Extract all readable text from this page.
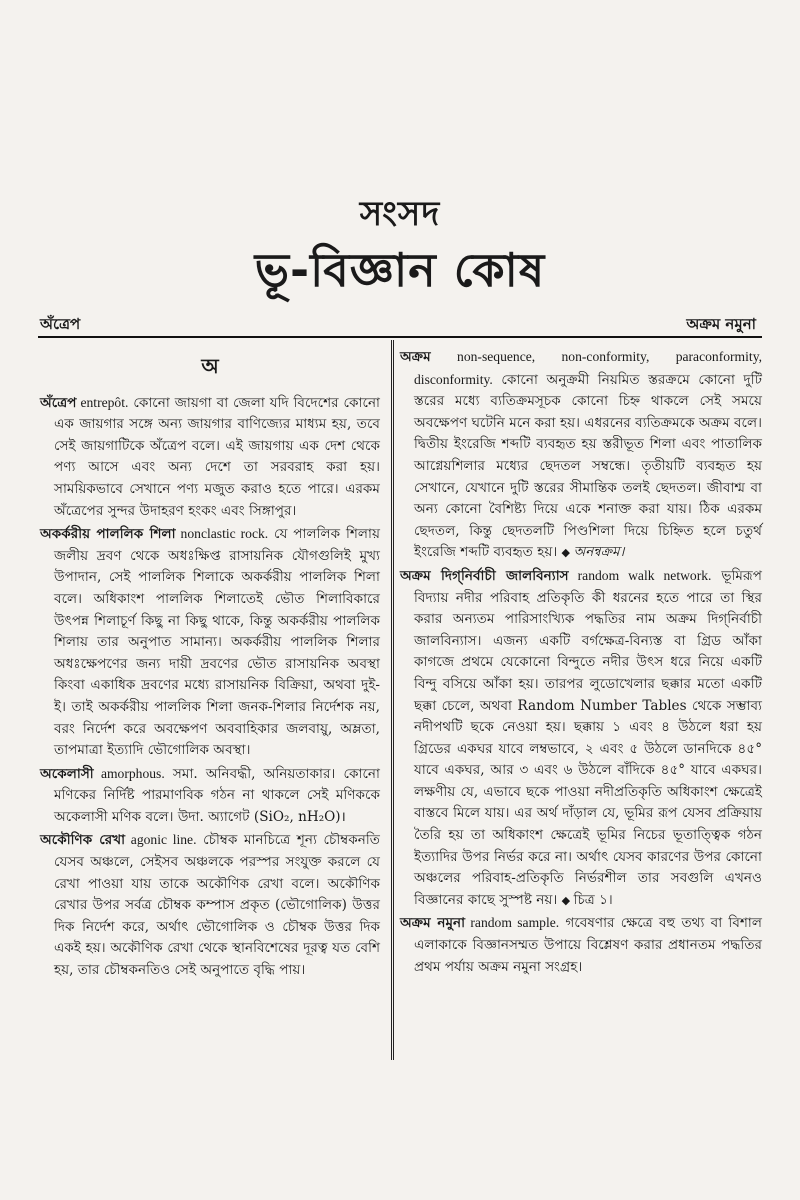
সংসদ
ভূ-বিজ্ঞান কোষ
অঁত্রেপ	অক্রম নমুনা
অ

অঁত্রেপ entrepôt. কোনো জায়গা বা জেলা যদি বিদেশের কোনো এক জায়গার সঙ্গে অন্য জায়গার বাণিজ্যের মাধ্যম হয়, তবে সেই জায়গাটিকে অঁত্রেপ বলে। এই জায়গায় এক দেশ থেকে পণ্য আসে এবং অন্য দেশে তা সরবরাহ করা হয়। সাময়িকভাবে সেখানে পণ্য মজুত করাও হতে পারে। এরকম অঁত্রেপের সুন্দর উদাহরণ হংকং এবং সিঙ্গাপুর।

অকর্করীয় পাললিক শিলা nonclastic rock. যে পাললিক শিলায় জলীয় দ্রবণ থেকে অধঃক্ষিপ্ত রাসায়নিক যৌগগুলিই মুখ্য উপাদান, সেই পাললিক শিলাকে অকর্করীয় পাললিক শিলা বলে। অধিকাংশ পাললিক শিলাতেই ভৌত শিলাবিকারে উৎপন্ন শিলাচূর্ণ কিছু না কিছু থাকে, কিন্তু অকর্করীয় পাললিক শিলায় তার অনুপাত সামান্য। অকর্করীয় পাললিক শিলার অধঃক্ষেপণের জন্য দায়ী দ্রবণের ভৌত রাসায়নিক অবস্থা কিংবা একাধিক দ্রবণের মধ্যে রাসায়নিক বিক্রিয়া, অথবা দুই-ই। তাই অকর্করীয় পাললিক শিলা জনক-শিলার নির্দেশক নয়, বরং নির্দেশ করে অবক্ষেপণ অববাহিকার জলবায়ু, অম্লতা, তাপমাত্রা ইত্যাদি ভৌগোলিক অবস্থা।

অকেলাসী amorphous. সমা. অনিবদ্ধী, অনিয়তাকার। কোনো মণিকের নির্দিষ্ট পারমাণবিক গঠন না থাকলে সেই মণিককে অকেলাসী মণিক বলে। উদা. অ্যাগেট (SiO₂, nH₂O)।

অকৌণিক রেখা agonic line. চৌম্বক মানচিত্রে শূন্য চৌম্বকনতি যেসব অঞ্চলে, সেইসব অঞ্চলকে পরস্পর সংযুক্ত করলে যে রেখা পাওয়া যায় তাকে অকৌণিক রেখা বলে। অকৌণিক রেখার উপর সর্বত্র চৌম্বক কম্পাস প্রকৃত (ভৌগোলিক) উত্তর দিক নির্দেশ করে, অর্থাৎ ভৌগোলিক ও চৌম্বক উত্তর দিক একই হয়। অকৌণিক রেখা থেকে স্থানবিশেষের দূরত্ব যত বেশি হয়, তার চৌম্বকনতিও সেই অনুপাতে বৃদ্ধি পায়।

অক্রম non-sequence, non-conformity, paraconformity, disconformity. কোনো অনুক্রমী নিয়মিত স্তরক্রমে কোনো দুটি স্তরের মধ্যে ব্যতিক্রমসূচক কোনো চিহ্ন থাকলে সেই সময়ে অবক্ষেপণ ঘটেনি মনে করা হয়। এধরনের ব্যতিক্রমকে অক্রম বলে। দ্বিতীয় ইংরেজি শব্দটি ব্যবহৃত হয় স্তরীভূত শিলা এবং পাতালিক আগ্নেয়শিলার মধ্যের ছেদতল সম্বন্ধে। তৃতীয়টি ব্যবহৃত হয় সেখানে, যেখানে দুটি স্তরের সীমান্তিক তলই ছেদতল। জীবাশ্ম বা অন্য কোনো বৈশিষ্ট্য দিয়ে একে শনাক্ত করা যায়। ঠিক এরকম ছেদতল, কিন্তু ছেদতলটি পিণ্ডশিলা দিয়ে চিহ্নিত হলে চতুর্থ ইংরেজি শব্দটি ব্যবহৃত হয়। ◆ অনন্বক্রম।

অক্রম দিগ্‌নির্বাচী জালবিন্যাস random walk network. ভূমিরূপ বিদ্যায় নদীর পরিবাহ প্রতিকৃতি কী ধরনের হতে পারে তা স্থির করার অন্যতম পারিসাংখ্যিক পদ্ধতির নাম অক্রম দিগ্‌নির্বাচী জালবিন্যাস। এজন্য একটি বর্গক্ষেত্র-বিন্যস্ত বা গ্রিড আঁকা কাগজে প্রথমে যেকোনো বিন্দুতে নদীর উৎস ধরে নিয়ে একটি বিন্দু বসিয়ে আঁকা হয়। তারপর লুডোখেলার ছক্কার মতো একটি ছক্কা চেলে, অথবা Random Number Tables থেকে সম্ভাব্য নদীপথটি ছকে নেওয়া হয়। ছক্কায় ১ এবং ৪ উঠলে ধরা হয় গ্রিডের একঘর যাবে লম্বভাবে, ২ এবং ৫ উঠলে ডানদিকে ৪৫° যাবে একঘর, আর ৩ এবং ৬ উঠলে বাঁদিকে ৪৫° যাবে একঘর। লক্ষণীয় যে, এভাবে ছকে পাওয়া নদীপ্রতিকৃতি অধিকাংশ ক্ষেত্রেই বাস্তবে মিলে যায়। এর অর্থ দাঁড়াল যে, ভূমির রূপ যেসব প্রক্রিয়ায় তৈরি হয় তা অধিকাংশ ক্ষেত্রেই ভূমির নিচের ভূতাত্ত্বিক গঠন ইত্যাদির উপর নির্ভর করে না। অর্থাৎ যেসব কারণের উপর কোনো অঞ্চলের পরিবাহ-প্রতিকৃতি নির্ভরশীল তার সবগুলি এখনও বিজ্ঞানের কাছে সুস্পষ্ট নয়। ◆ চিত্র ১।

অক্রম নমুনা random sample. গবেষণার ক্ষেত্রে বহু তথ্য বা বিশাল এলাকাকে বিজ্ঞানসম্মত উপায়ে বিশ্লেষণ করার প্রধানতম পদ্ধতির প্রথম পর্যায় অক্রম নমুনা সংগ্রহ।
